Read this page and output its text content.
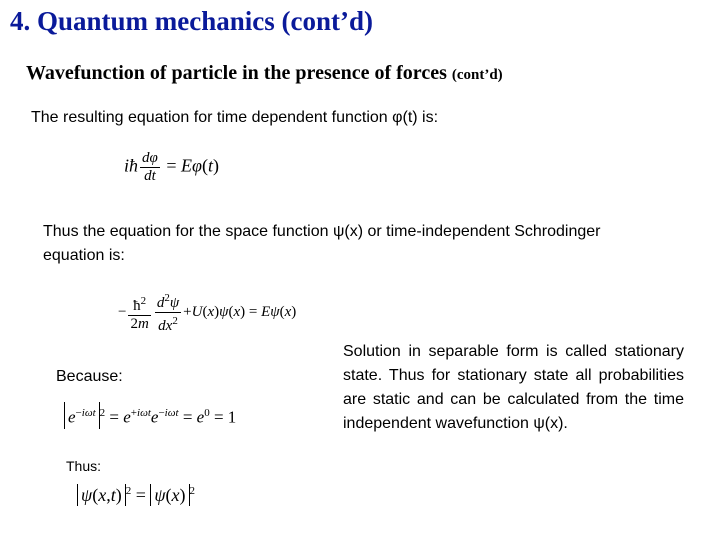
4. Quantum mechanics (cont’d)
Wavefunction of particle in the presence of forces (cont’d)
The resulting equation for time dependent function φ(t) is:
iħ $\frac{d\varphi}{dt} = E\varphi(t)$
Thus the equation for the space function ψ(x) or time-independent Schrodinger
equation is:
− $\frac{ħ^2}{2m} \frac{d^2\psi}{dx^2} +U(x)\psi(x) = E\psi(x)$
Because:
$e^{-i\omega t}$ $^2 = e^{+i\omega t}e^{-i\omega t} = e^0 = 1$
Thus:
ψ(x,t) $^2$ = ψ(x) $^2$
Solution in separable form is called stationary state. Thus for stationary state all probabilities are static and can be calculated from the time independent wavefunction ψ(x).
